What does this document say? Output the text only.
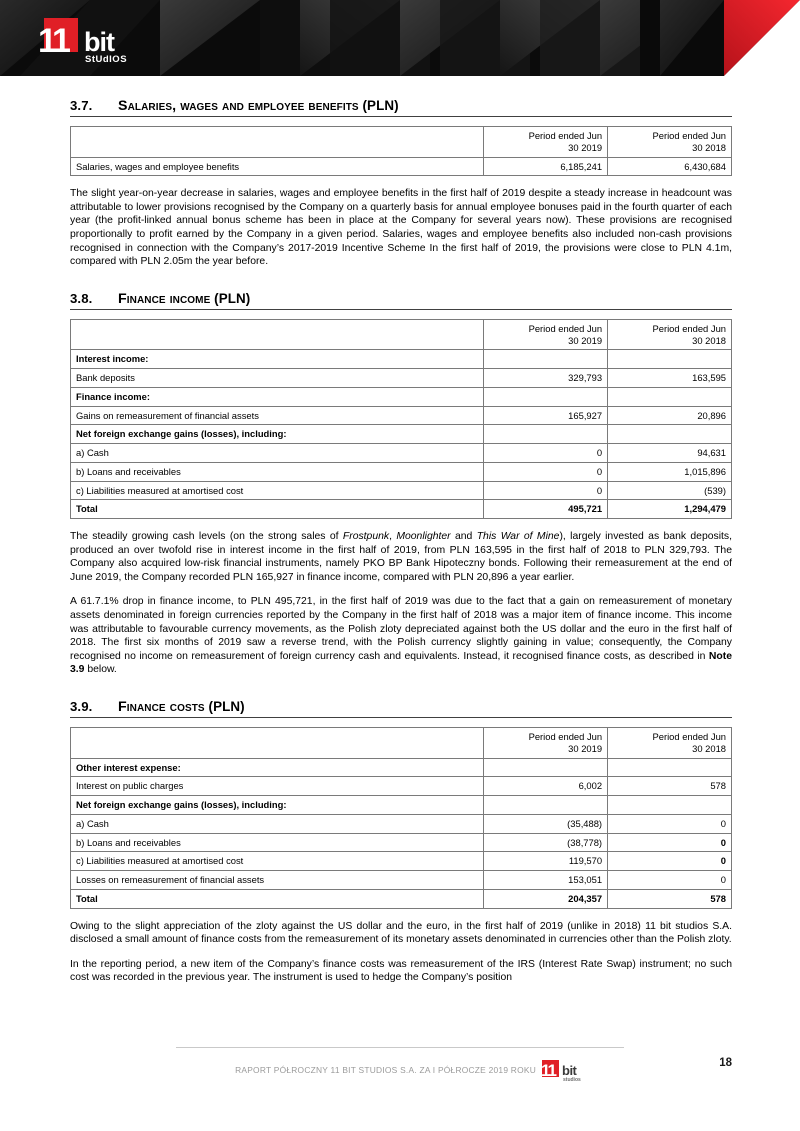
11 bit
StUdIOS
3.7. Salaries, wages and employee benefits (PLN)
	Period ended Jun
30 2019	Period ended Jun
30 2018
Salaries, wages and employee benefits	6,185,241	6,430,684

The slight year-on-year decrease in salaries, wages and employee benefits in the first half of 2019 despite a steady increase in headcount was attributable to lower provisions recognised by the Company on a quarterly basis for annual employee bonuses paid in the fourth quarter of each year (the profit-linked annual bonus scheme has been in place at the Company for several years now). These provisions are recognised proportionally to profit earned by the Company in a given period. Salaries, wages and employee benefits also included non-cash provisions recognised in connection with the Company’s 2017-2019 Incentive Scheme In the first half of 2019, the provisions were close to PLN 4.1m, compared with PLN 2.05m the year before.

3.8. Finance income (PLN)
	Period ended Jun
30 2019	Period ended Jun
30 2018
Interest income:		
Bank deposits	329,793	163,595
Finance income:		
Gains on remeasurement of financial assets	165,927	20,896
Net foreign exchange gains (losses), including:		
a) Cash	0	94,631
b) Loans and receivables	0	1,015,896
c) Liabilities measured at amortised cost	0	(539)
Total	495,721	1,294,479

The steadily growing cash levels (on the strong sales of Frostpunk, Moonlighter and This War of Mine), largely invested as bank deposits, produced an over twofold rise in interest income in the first half of 2019, from PLN 163,595 in the first half of 2018 to PLN 329,793. The Company also acquired low-risk financial instruments, namely PKO BP Bank Hipoteczny bonds. Following their remeasurement at the end of June 2019, the Company recorded PLN 165,927 in finance income, compared with PLN 20,896 a year earlier.

A 61.7.1% drop in finance income, to PLN 495,721, in the first half of 2019 was due to the fact that a gain on remeasurement of monetary assets denominated in foreign currencies reported by the Company in the first half of 2018 was a major item of finance income. This income was attributable to favourable currency movements, as the Polish zloty depreciated against both the US dollar and the euro in the first half of 2018. The first six months of 2019 saw a reverse trend, with the Polish currency slightly gaining in value; consequently, the Company recognised no income on remeasurement of foreign currency cash and equivalents. Instead, it recognised finance costs, as described in Note 3.9 below.

3.9. Finance costs (PLN)
	Period ended Jun
30 2019	Period ended Jun
30 2018
Other interest expense:		
Interest on public charges	6,002	578
Net foreign exchange gains (losses), including:		
a) Cash	(35,488)	0
b) Loans and receivables	(38,778)	0
c) Liabilities measured at amortised cost	119,570	0
Losses on remeasurement of financial assets	153,051	0
Total	204,357	578

Owing to the slight appreciation of the zloty against the US dollar and the euro, in the first half of 2019 (unlike in 2018) 11 bit studios S.A. disclosed a small amount of finance costs from the remeasurement of its monetary assets denominated in currencies other than the Polish zloty.

In the reporting period, a new item of the Company’s finance costs was remeasurement of the IRS (Interest Rate Swap) instrument; no such cost was recorded in the previous year. The instrument is used to hedge the Company’s position

RAPORT PÓŁROCZNY 11 BIT STUDIOS S.A. ZA I PÓŁROCZE 2019 ROKU 11 bit
studios
18
